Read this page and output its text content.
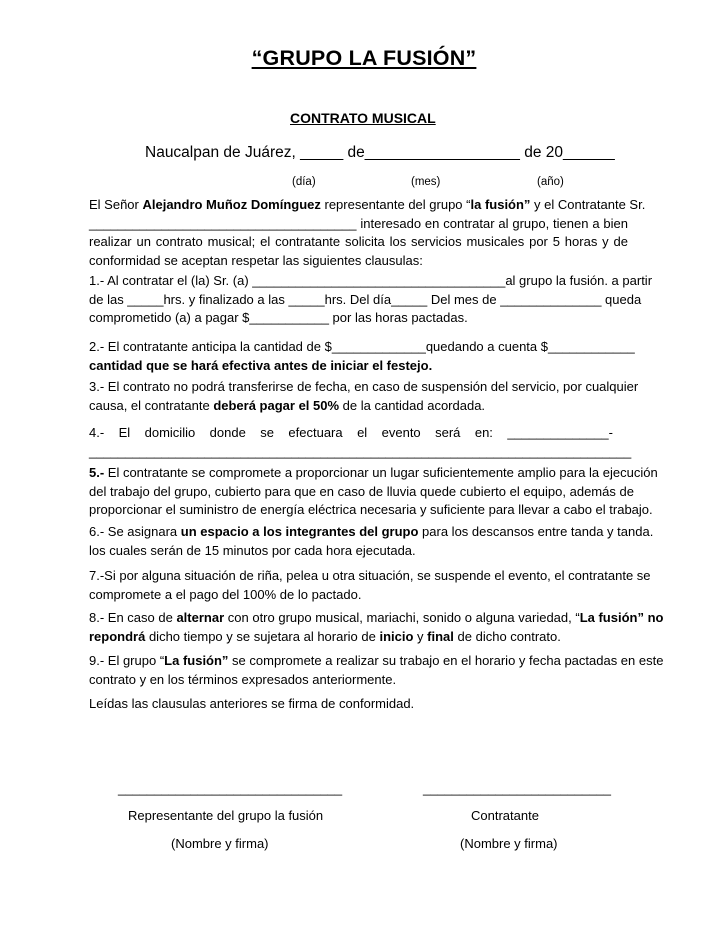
“GRUPO LA FUSIÓN”
CONTRATO MUSICAL
Naucalpan de Juárez, _____ de__________________ de 20______
(día)	(mes)	(año)
El Señor Alejandro Muñoz Domínguez representante del grupo “la fusión” y el Contratante Sr.
_____________________________________ interesado en contratar al grupo, tienen a bien
realizar un contrato musical; el contratante solicita los servicios musicales por 5 horas y de
conformidad se aceptan respetar las siguientes clausulas:
1.- Al contratar el (la) Sr. (a) ___________________________________al grupo la fusión. a partir
de las _____hrs. y finalizado a las _____hrs. Del día_____ Del mes de ______________ queda
comprometido (a) a pagar $___________ por las horas pactadas.
2.- El contratante anticipa la cantidad de $_____________quedando a cuenta $____________
cantidad que se hará efectiva antes de iniciar el festejo.
3.- El contrato no podrá transferirse de fecha, en caso de suspensión del servicio, por cualquier
causa, el contratante deberá pagar el 50% de la cantidad acordada.
4.-    El    domicilio    donde    se    efectuara    el    evento    será    en:    ______________-
___________________________________________________________________________
5.- El contratante se compromete a proporcionar un lugar suficientemente amplio para la ejecución
del trabajo del grupo, cubierto para que en caso de lluvia quede cubierto el equipo, además de
proporcionar el suministro de energía eléctrica necesaria y suficiente para llevar a cabo el trabajo.
6.- Se asignara un espacio a los integrantes del grupo para los descansos entre tanda y tanda.
los cuales serán de 15 minutos por cada hora ejecutada.
7.-Si por alguna situación de riña, pelea u otra situación, se suspende el evento, el contratante se
compromete a el pago del 100% de lo pactado.
8.- En caso de alternar con otro grupo musical, mariachi, sonido o alguna variedad, “La fusión” no
repondrá dicho tiempo y se sujetara al horario de inicio y final de dicho contrato.
9.- El grupo “La fusión” se compromete a realizar su trabajo en el horario y fecha pactadas en este
contrato y en los términos expresados anteriormente.
Leídas las clausulas anteriores se firma de conformidad.
_______________________________
Representante del grupo la fusión
(Nombre y firma)
__________________________
Contratante
(Nombre y firma)
